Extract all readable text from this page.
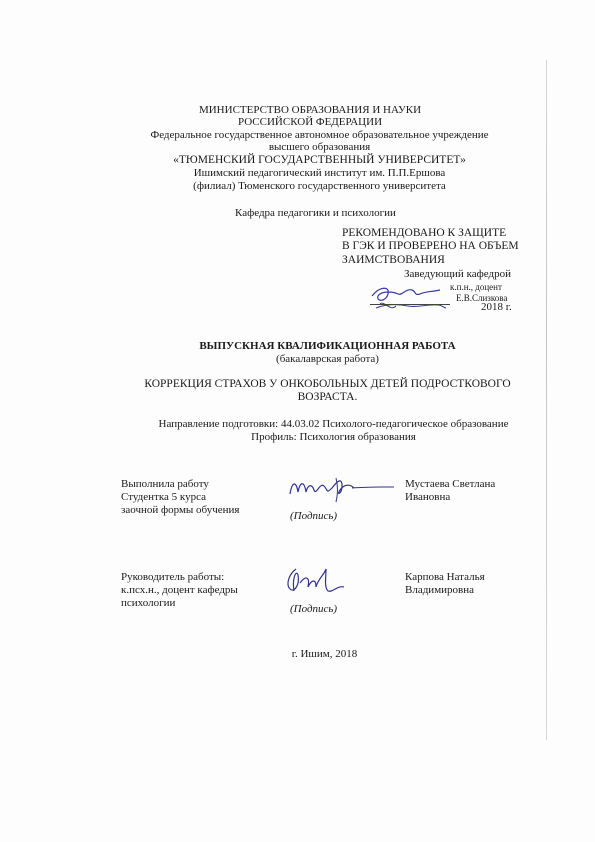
МИНИСТЕРСТВО ОБРАЗОВАНИЯ И НАУКИ
РОССИЙСКОЙ ФЕДЕРАЦИИ
Федеральное государственное автономное образовательное учреждение
высшего образования
«ТЮМЕНСКИЙ ГОСУДАРСТВЕННЫЙ УНИВЕРСИТЕТ»
Ишимский педагогический институт им. П.П.Ершова
(филиал) Тюменского государственного университета
Кафедра педагогики и психологии
РЕКОМЕНДОВАНО К ЗАЩИТЕ
В ГЭК И ПРОВЕРЕНО НА ОБЪЕМ
ЗАИМСТВОВАНИЯ
Заведующий кафедрой
к.п.н., доцент
Е.В.Слизкова
2018 г.
ВЫПУСКНАЯ КВАЛИФИКАЦИОННАЯ РАБОТА
(бакалаврская работа)
КОРРЕКЦИЯ СТРАХОВ У ОНКОБОЛЬНЫХ ДЕТЕЙ ПОДРОСТКОВОГО
ВОЗРАСТА.
Направление подготовки: 44.03.02 Психолого-педагогическое образование
Профиль: Психология образования
Выполнила работу
Студентка 5 курса
заочной формы обучения	(Подпись)
Мустаева Светлана
Ивановна
Руководитель работы:
к.псх.н., доцент кафедры
психологии	(Подпись)
Карпова Наталья
Владимировна
г. Ишим, 2018
